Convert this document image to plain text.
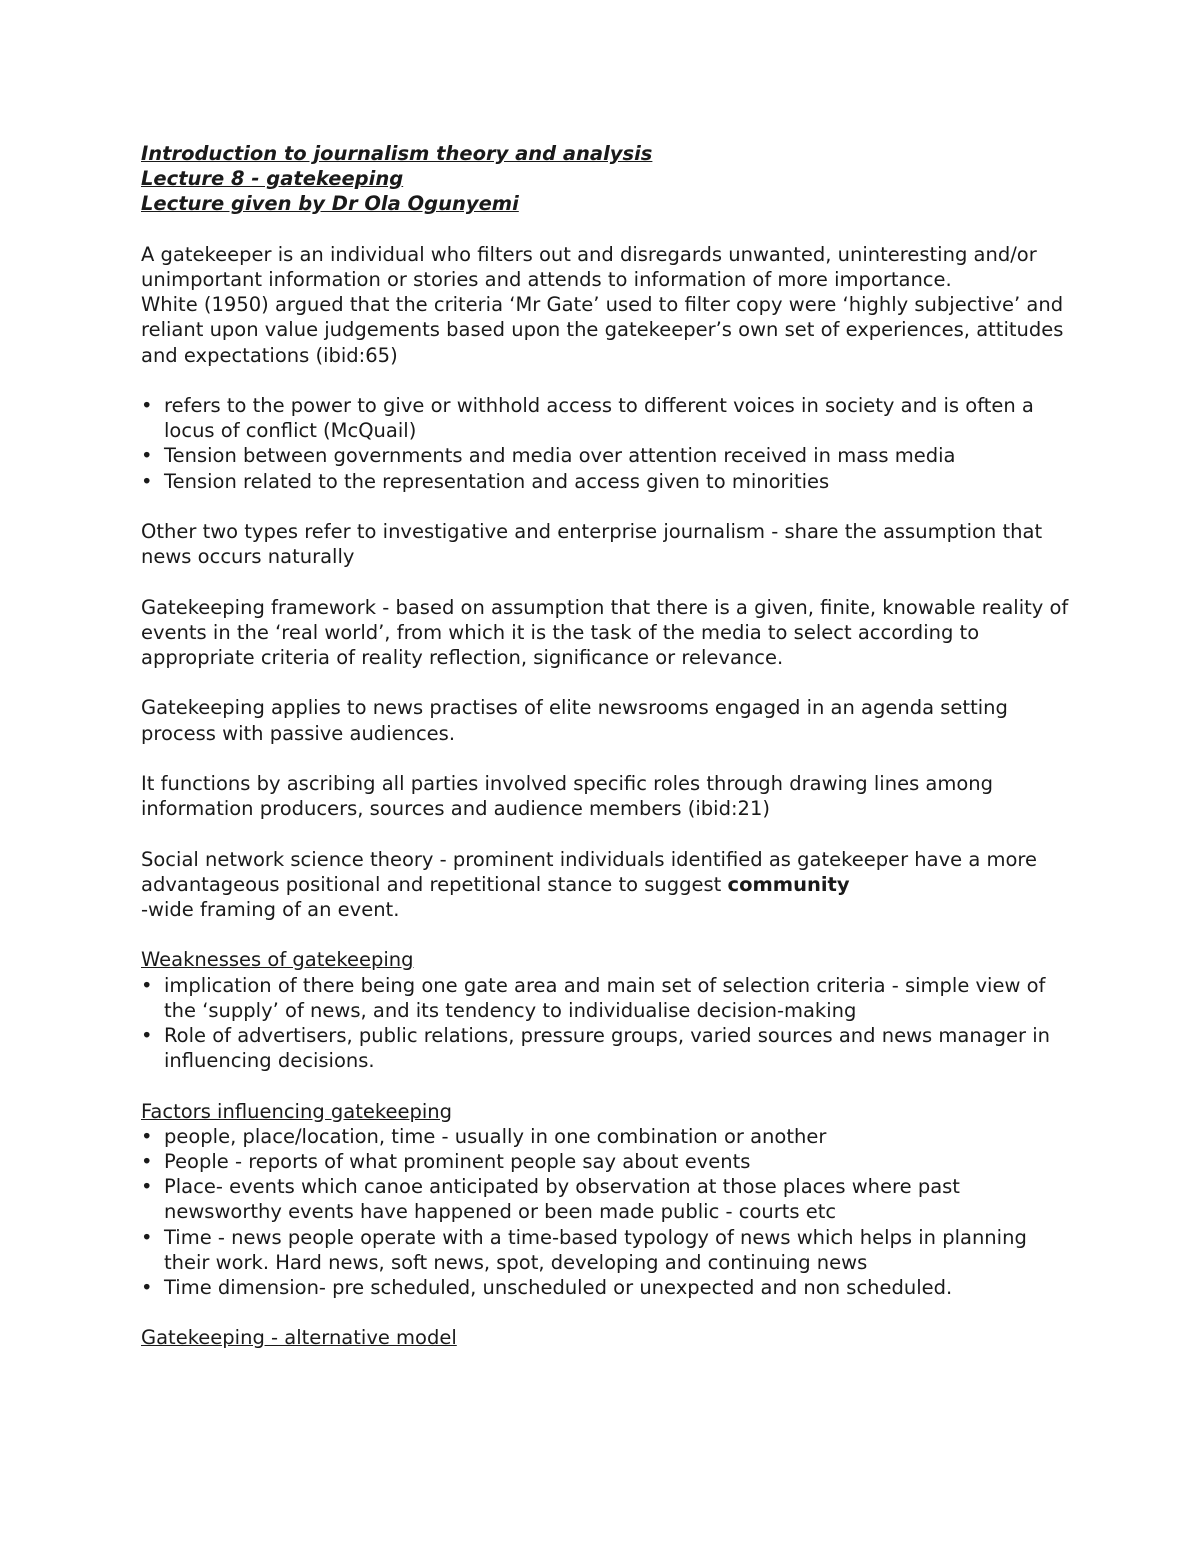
Introduction to journalism theory and analysis
Lecture 8 - gatekeeping
Lecture given by Dr Ola Ogunyemi

A gatekeeper is an individual who filters out and disregards unwanted, uninteresting and/or unimportant information or stories and attends to information of more importance.

White (1950) argued that the criteria ‘Mr Gate’ used to filter copy were ‘highly subjective’ and reliant upon value judgements based upon the gatekeeper’s own set of experiences, attitudes and expectations (ibid:65)

• refers to the power to give or withhold access to different voices in society and is often a locus of conflict (McQuail)
• Tension between governments and media over attention received in mass media
• Tension related to the representation and access given to minorities

Other two types refer to investigative and enterprise journalism - share the assumption that news occurs naturally

Gatekeeping framework - based on assumption that there is a given, finite, knowable reality of events in the ‘real world’, from which it is the task of the media to select according to appropriate criteria of reality reflection, significance or relevance.

Gatekeeping applies to news practises of elite newsrooms engaged in an agenda setting process with passive audiences.

It functions by ascribing all parties involved specific roles through drawing lines among information producers, sources and audience members (ibid:21)

Social network science theory - prominent individuals identified as gatekeeper have a more advantageous positional and repetitional stance to suggest community
-wide framing of an event.

Weaknesses of gatekeeping
• implication of there being one gate area and main set of selection criteria - simple view of the ‘supply’ of news, and its tendency to individualise decision-making
• Role of advertisers, public relations, pressure groups, varied sources and news manager in influencing decisions.
Factors influencing gatekeeping
• people, place/location, time - usually in one combination or another
• People - reports of what prominent people say about events
• Place- events which canoe anticipated by observation at those places where past newsworthy events have happened or been made public - courts etc
• Time - news people operate with a time-based typology of news which helps in planning their work. Hard news, soft news, spot, developing and continuing news
• Time dimension- pre scheduled, unscheduled or unexpected and non scheduled.
Gatekeeping - alternative model
